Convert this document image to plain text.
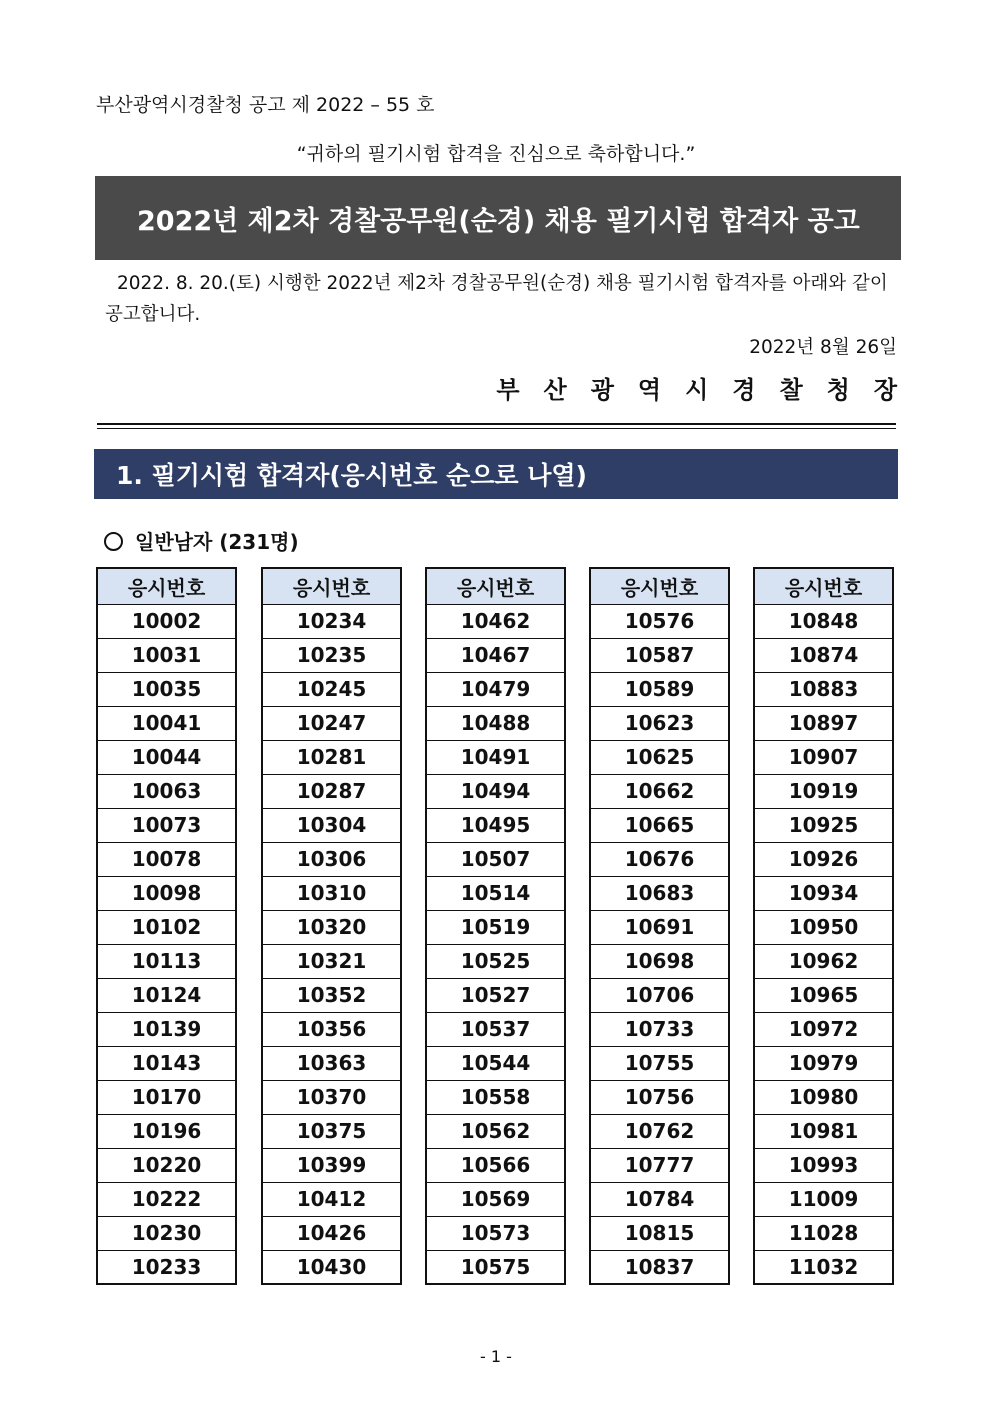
부산광역시경찰청 공고 제 2022 – 55 호
“귀하의 필기시험 합격을 진심으로 축하합니다.”
2022년 제2차 경찰공무원(순경) 채용 필기시험 합격자 공고
2022. 8. 20.(토) 시행한 2022년 제2차 경찰공무원(순경) 채용 필기시험 합격자를 아래와 같이 공고합니다.
2022년 8월 26일
부산광역시경찰청장
1. 필기시험 합격자(응시번호 순으로 나열)
일반남자 (231명)
응시번호
10002
10031
10035
10041
10044
10063
10073
10078
10098
10102
10113
10124
10139
10143
10170
10196
10220
10222
10230
10233
응시번호
10234
10235
10245
10247
10281
10287
10304
10306
10310
10320
10321
10352
10356
10363
10370
10375
10399
10412
10426
10430
응시번호
10462
10467
10479
10488
10491
10494
10495
10507
10514
10519
10525
10527
10537
10544
10558
10562
10566
10569
10573
10575
응시번호
10576
10587
10589
10623
10625
10662
10665
10676
10683
10691
10698
10706
10733
10755
10756
10762
10777
10784
10815
10837
응시번호
10848
10874
10883
10897
10907
10919
10925
10926
10934
10950
10962
10965
10972
10979
10980
10981
10993
11009
11028
11032
- 1 -
